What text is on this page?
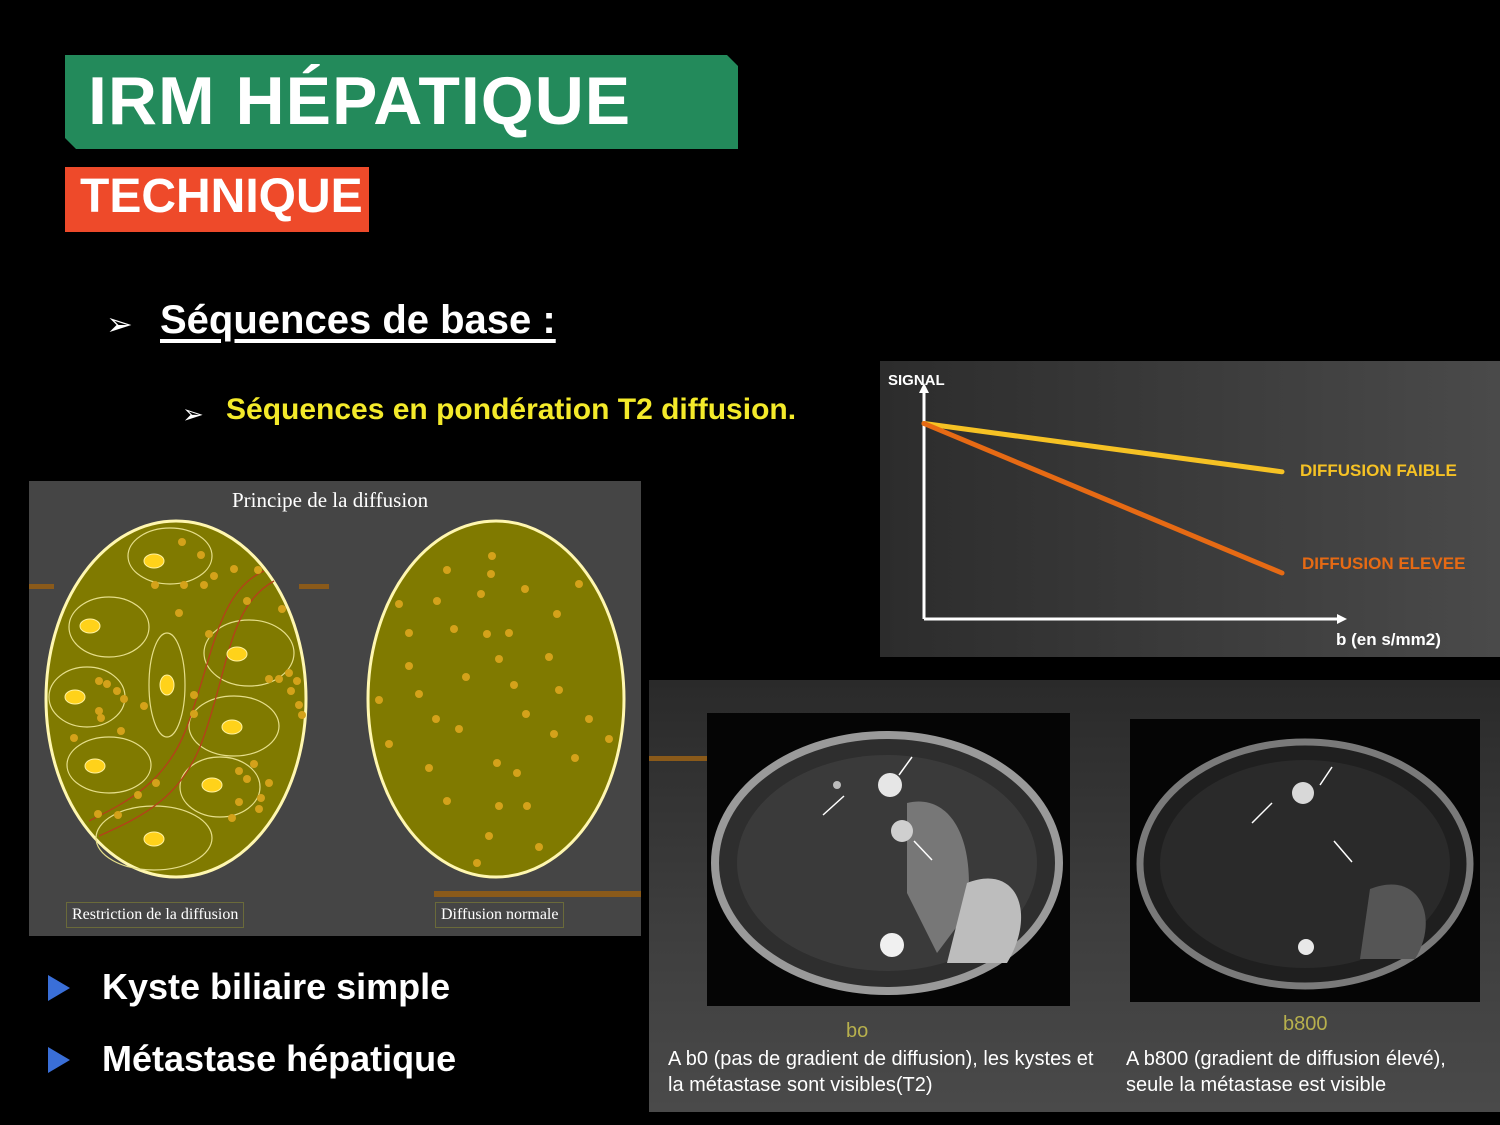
IRM HÉPATIQUE
TECHNIQUE
➢ Séquences de base :
➢ Séquences en pondération T2 diffusion.
Kyste biliaire simple
Métastase hépatique
Principe de la diffusion
Restriction de la diffusion	Diffusion normale
SIGNAL
DIFFUSION FAIBLE
DIFFUSION ELEVEE
b (en s/mm2)
bo	b800
A b0 (pas de gradient de diffusion), les kystes et la métastase sont visibles(T2)
A b800 (gradient de diffusion élevé), seule la métastase est visible
